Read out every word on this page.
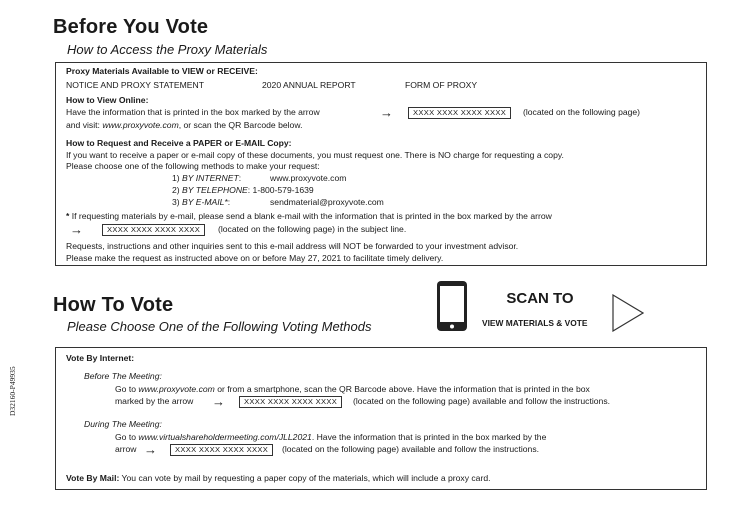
Before You Vote
How to Access the Proxy Materials
Proxy Materials Available to VIEW or RECEIVE:
NOTICE AND PROXY STATEMENT	2020 ANNUAL REPORT	FORM OF PROXY
How to View Online:
Have the information that is printed in the box marked by the arrow	→	XXXX XXXX XXXX XXXX	(located on the following page)
and visit: www.proxyvote.com, or scan the QR Barcode below.
How to Request and Receive a PAPER or E-MAIL Copy:
If you want to receive a paper or e-mail copy of these documents, you must request one. There is NO charge for requesting a copy.
Please choose one of the following methods to make your request:
1) BY INTERNET:	www.proxyvote.com
2) BY TELEPHONE: 1-800-579-1639
3) BY E-MAIL*:	sendmaterial@proxyvote.com
* If requesting materials by e-mail, please send a blank e-mail with the information that is printed in the box marked by the arrow
→	XXXX XXXX XXXX XXXX	(located on the following page) in the subject line.
Requests, instructions and other inquiries sent to this e-mail address will NOT be forwarded to your investment advisor.
Please make the request as instructed above on or before May 27, 2021 to facilitate timely delivery.
How To Vote
Please Choose One of the Following Voting Methods
SCAN TO
VIEW MATERIALS & VOTE
Vote By Internet:
Before The Meeting:
Go to www.proxyvote.com or from a smartphone, scan the QR Barcode above. Have the information that is printed in the box
marked by the arrow →	XXXX XXXX XXXX XXXX	(located on the following page) available and follow the instructions.
During The Meeting:
Go to www.virtualshareholdermeeting.com/JLL2021. Have the information that is printed in the box marked by the
arrow →	XXXX XXXX XXXX XXXX	(located on the following page) available and follow the instructions.
Vote By Mail: You can vote by mail by requesting a paper copy of the materials, which will include a proxy card.
D32160-P49935
